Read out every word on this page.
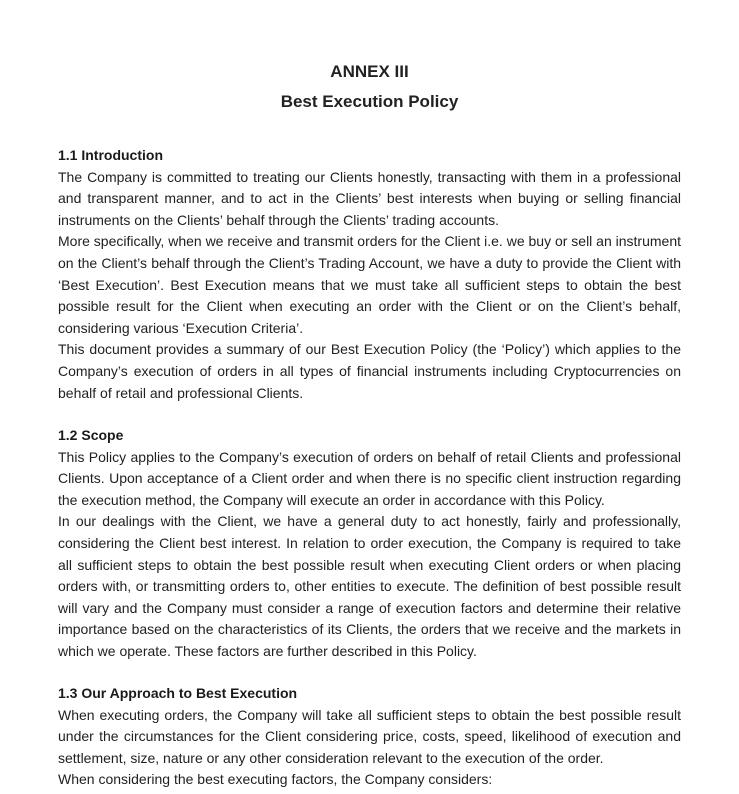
ANNEX III
Best Execution Policy
1.1 Introduction

The Company is committed to treating our Clients honestly, transacting with them in a professional and transparent manner, and to act in the Clients’ best interests when buying or selling financial instruments on the Clients’ behalf through the Clients’ trading accounts.

More specifically, when we receive and transmit orders for the Client i.e. we buy or sell an instrument on the Client’s behalf through the Client’s Trading Account, we have a duty to provide the Client with ‘Best Execution’. Best Execution means that we must take all sufficient steps to obtain the best possible result for the Client when executing an order with the Client or on the Client’s behalf, considering various ‘Execution Criteria’.

This document provides a summary of our Best Execution Policy (the ‘Policy’) which applies to the Company’s execution of orders in all types of financial instruments including Cryptocurrencies on behalf of retail and professional Clients.

1.2 Scope

This Policy applies to the Company’s execution of orders on behalf of retail Clients and professional Clients. Upon acceptance of a Client order and when there is no specific client instruction regarding the execution method, the Company will execute an order in accordance with this Policy.

In our dealings with the Client, we have a general duty to act honestly, fairly and professionally, considering the Client best interest. In relation to order execution, the Company is required to take all sufficient steps to obtain the best possible result when executing Client orders or when placing orders with, or transmitting orders to, other entities to execute. The definition of best possible result will vary and the Company must consider a range of execution factors and determine their relative importance based on the characteristics of its Clients, the orders that we receive and the markets in which we operate. These factors are further described in this Policy.

1.3 Our Approach to Best Execution

When executing orders, the Company will take all sufficient steps to obtain the best possible result under the circumstances for the Client considering price, costs, speed, likelihood of execution and settlement, size, nature or any other consideration relevant to the execution of the order.

When considering the best executing factors, the Company considers:
